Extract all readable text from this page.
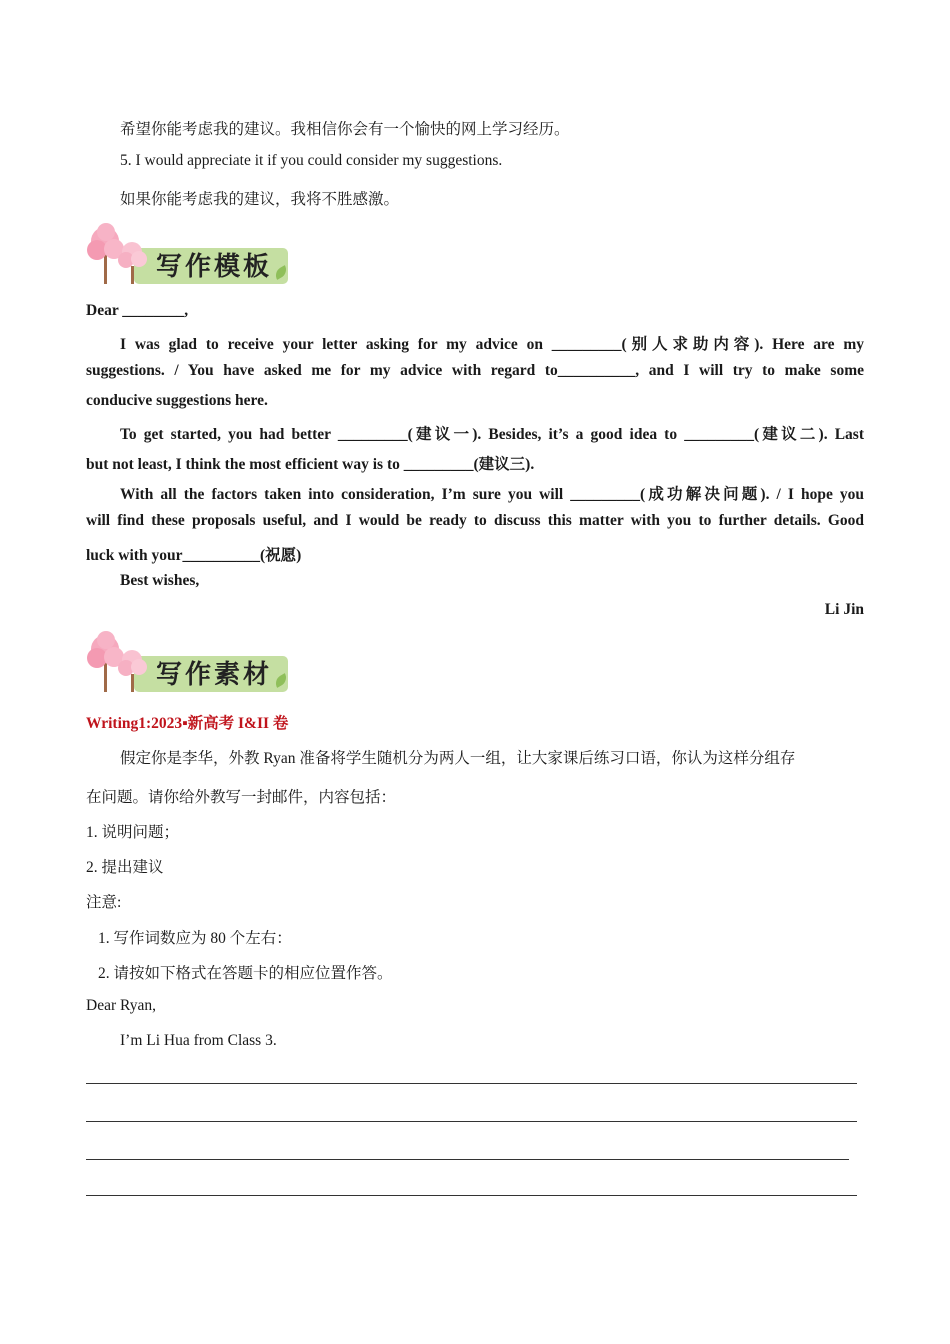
希望你能考虑我的建议。我相信你会有一个愉快的网上学习经历。
5. I would appreciate it if you could consider my suggestions.
如果你能考虑我的建议，我将不胜感激。
写作模板
Dear ________,
I was glad to receive your letter asking for my advice on _________(别人求助内容). Here are my
suggestions. / You have asked me for my advice with regard to__________, and I will try to make some
conducive suggestions here.
To get started, you had better _________(建议一). Besides, it’s a good idea to _________(建议二). Last
but not least, I think the most efficient way is to _________(建议三).
With all the factors taken into consideration, I’m sure you will _________(成功解决问题). / I hope you
will find these proposals useful, and I would be ready to discuss this matter with you to further details. Good
luck with your__________(祝愿)
Best wishes,
Li Jin
写作素材
Writing1:2023▪新高考 I&II 卷
假定你是李华，外教 Ryan 准备将学生随机分为两人一组，让大家课后练习口语，你认为这样分组存
在问题。请你给外教写一封邮件，内容包括：
1. 说明问题；
2. 提出建议
注意:
1. 写作词数应为 80 个左右：
2. 请按如下格式在答题卡的相应位置作答。
Dear Ryan,
I’m Li Hua from Class 3.
